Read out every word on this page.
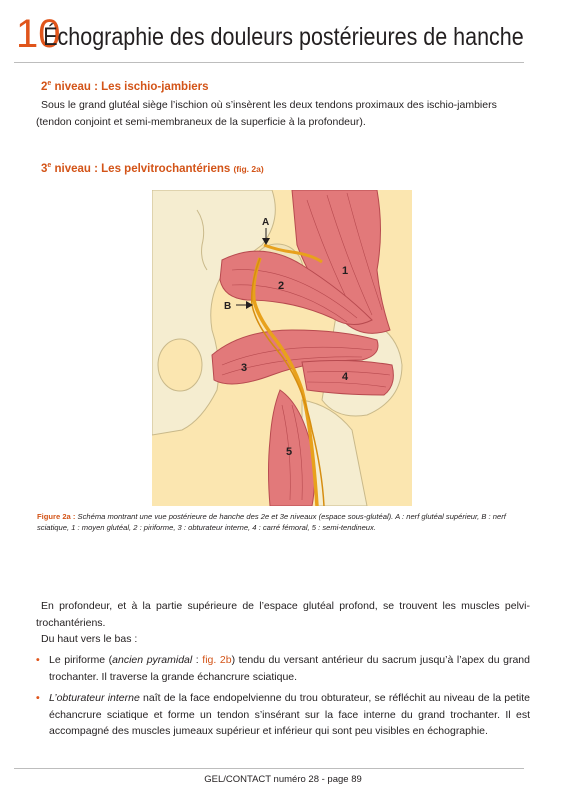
10
Échographie des douleurs postérieures de hanche
2e niveau : Les ischio-jambiers
Sous le grand glutéal siège l’ischion où s’insèrent les deux tendons proximaux des ischio-jambiers (tendon conjoint et semi-membraneux de la superficie à la profondeur).
3e niveau : Les pelvitrochantériens (fig. 2a)
A
B
1
2
3
4
5
Figure 2a : Schéma montrant une vue postérieure de hanche des 2e et 3e niveaux (espace sous-glutéal). A : nerf glutéal supérieur, B : nerf sciatique, 1 : moyen glutéal, 2 : piriforme, 3 : obturateur interne, 4 : carré fémoral, 5 : semi-tendineux.
En profondeur, et à la partie supérieure de l’espace glutéal profond, se trouvent les muscles pelvi-trochantériens.
Du haut vers le bas :
• Le piriforme (ancien pyramidal : fig. 2b) tendu du versant antérieur du sacrum jusqu’à l’apex du grand trochanter. Il traverse la grande échancrure sciatique.
• L’obturateur interne naît de la face endopelvienne du trou obturateur, se réfléchit au niveau de la petite échancrure sciatique et forme un tendon s’insérant sur la face interne du grand trochanter. Il est accompagné des muscles jumeaux supérieur et inférieur qui sont peu visibles en échographie.
GEL/CONTACT numéro 28 - page 89
